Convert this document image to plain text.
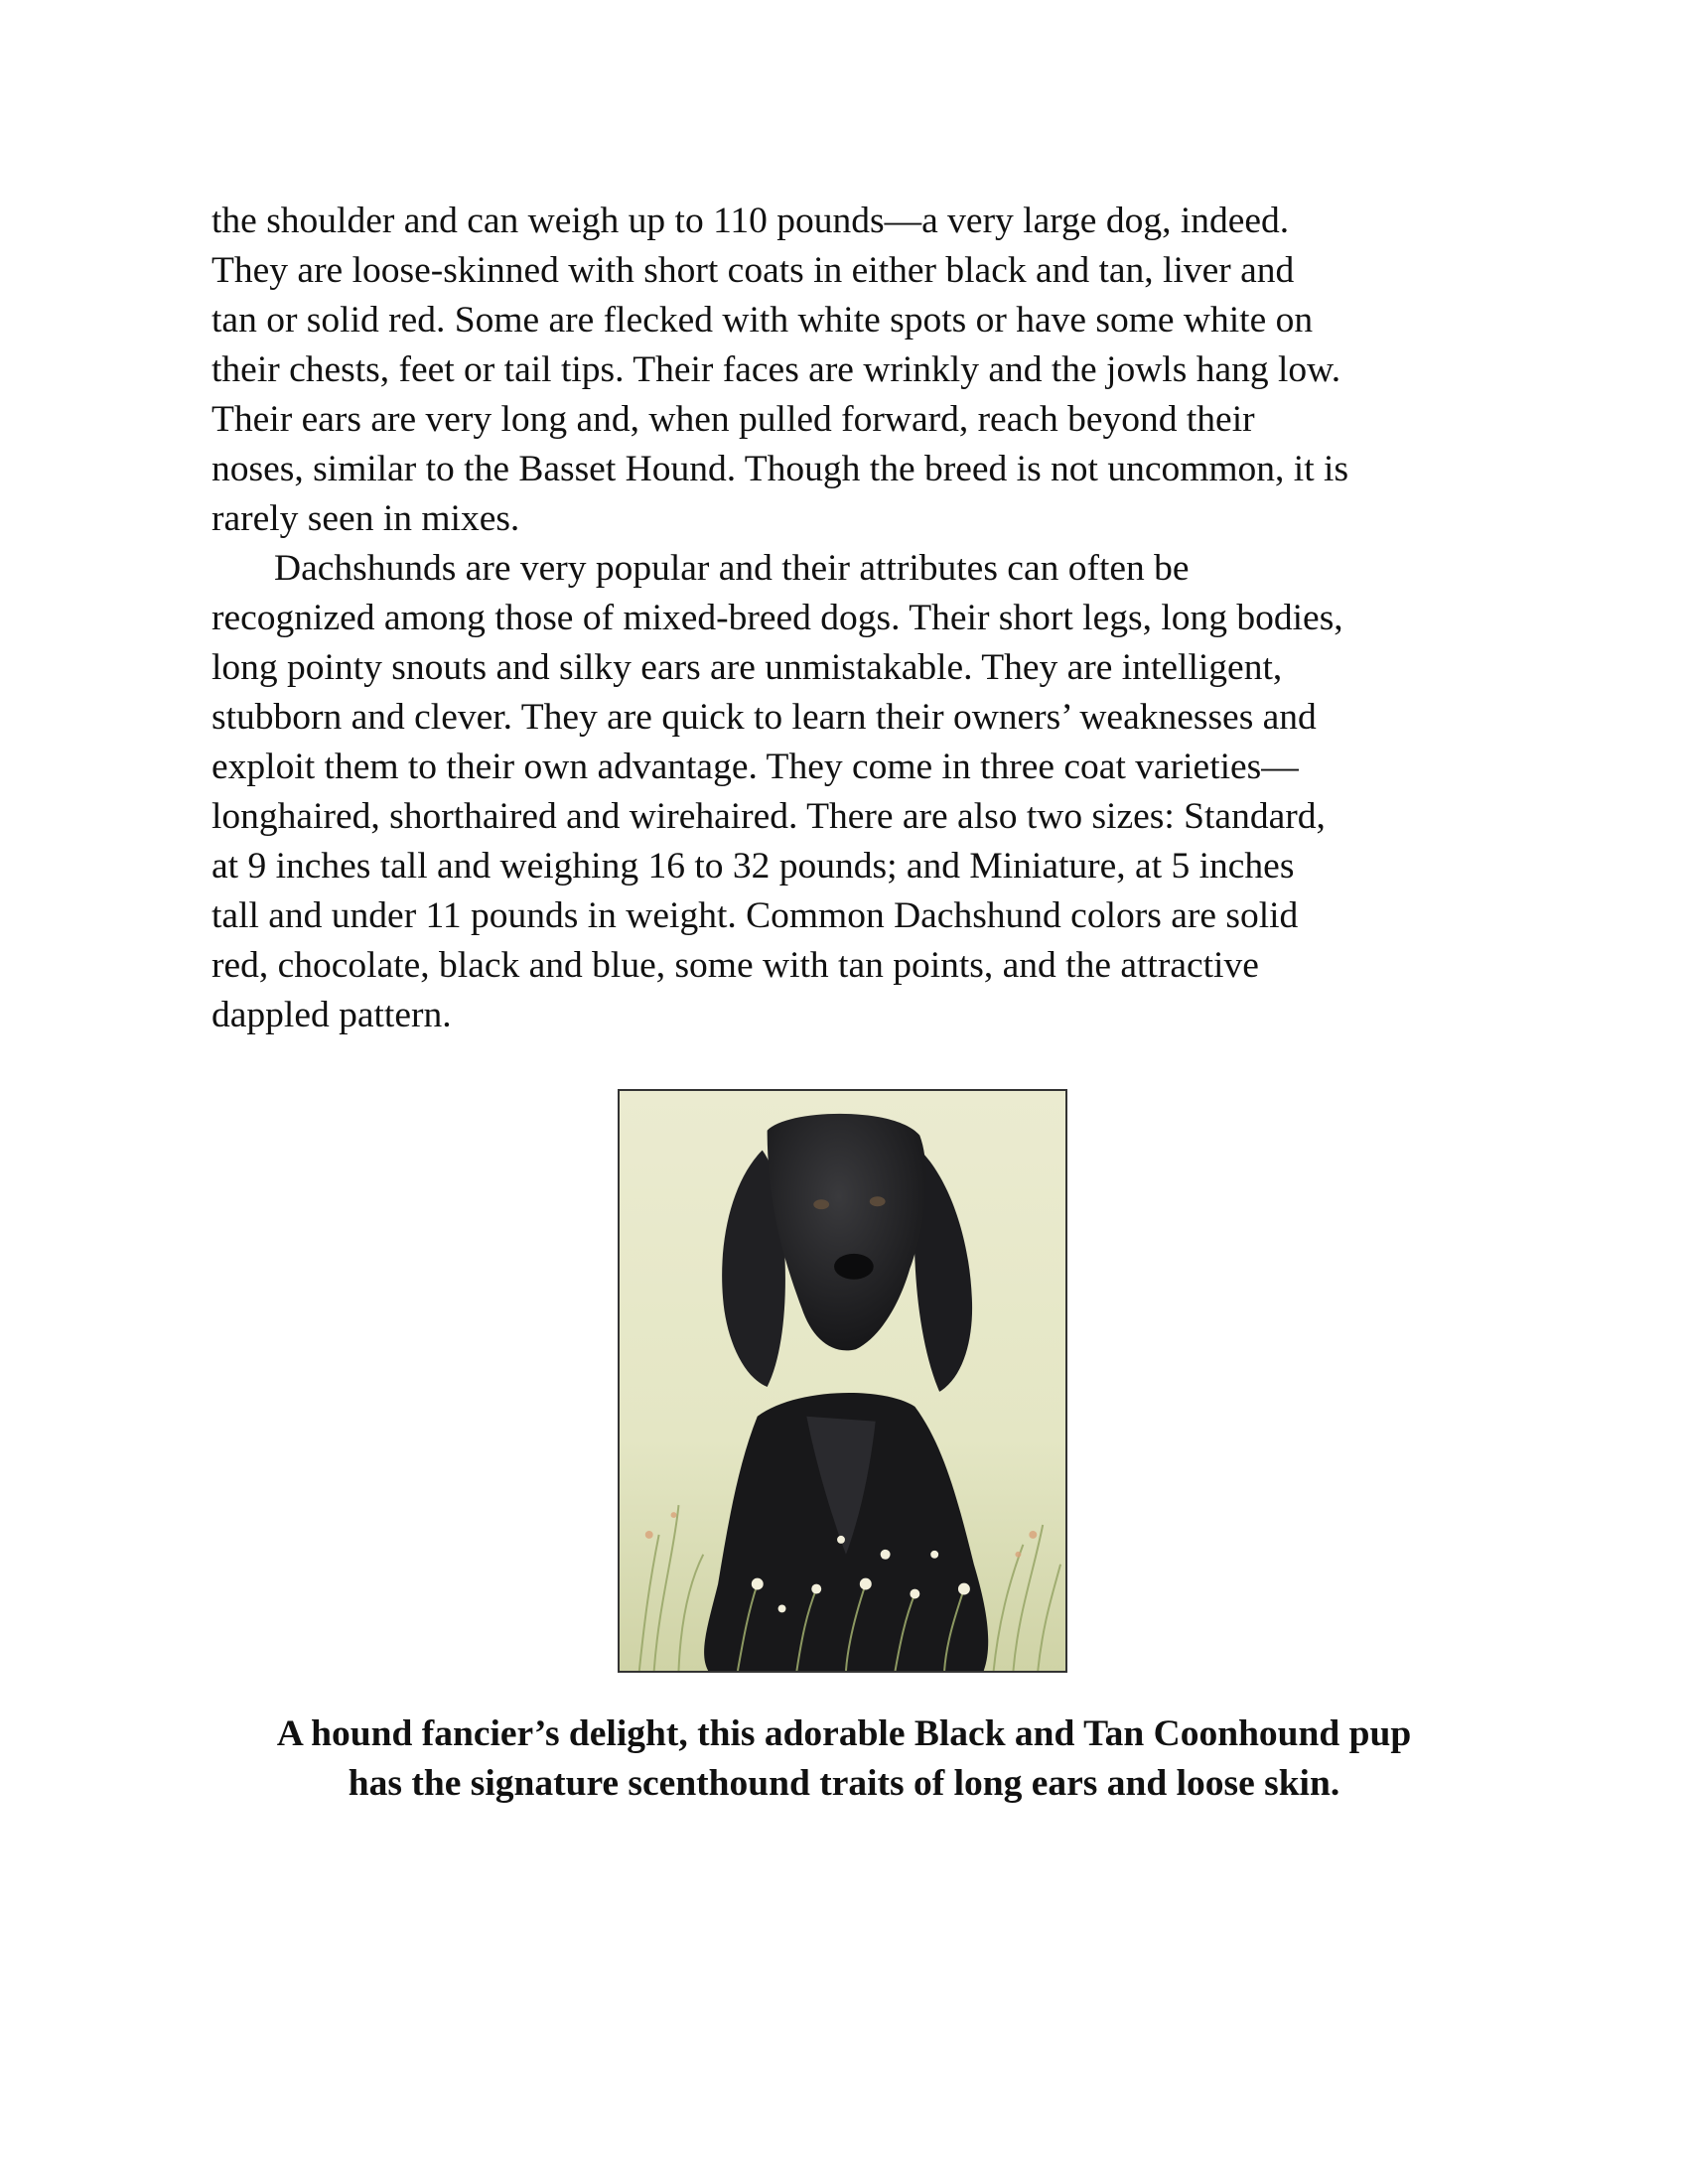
the shoulder and can weigh up to 110 pounds—a very large dog, indeed.
They are loose-skinned with short coats in either black and tan, liver and
tan or solid red. Some are flecked with white spots or have some white on
their chests, feet or tail tips. Their faces are wrinkly and the jowls hang low.
Their ears are very long and, when pulled forward, reach beyond their
noses, similar to the Basset Hound. Though the breed is not uncommon, it is
rarely seen in mixes.

Dachshunds are very popular and their attributes can often be
recognized among those of mixed-breed dogs. Their short legs, long bodies,
long pointy snouts and silky ears are unmistakable. They are intelligent,
stubborn and clever. They are quick to learn their owners’ weaknesses and
exploit them to their own advantage. They come in three coat varieties—
longhaired, shorthaired and wirehaired. There are also two sizes: Standard,
at 9 inches tall and weighing 16 to 32 pounds; and Miniature, at 5 inches
tall and under 11 pounds in weight. Common Dachshund colors are solid
red, chocolate, black and blue, some with tan points, and the attractive
dappled pattern.

A hound fancier’s delight, this adorable Black and Tan Coonhound pup
has the signature scenthound traits of long ears and loose skin.
